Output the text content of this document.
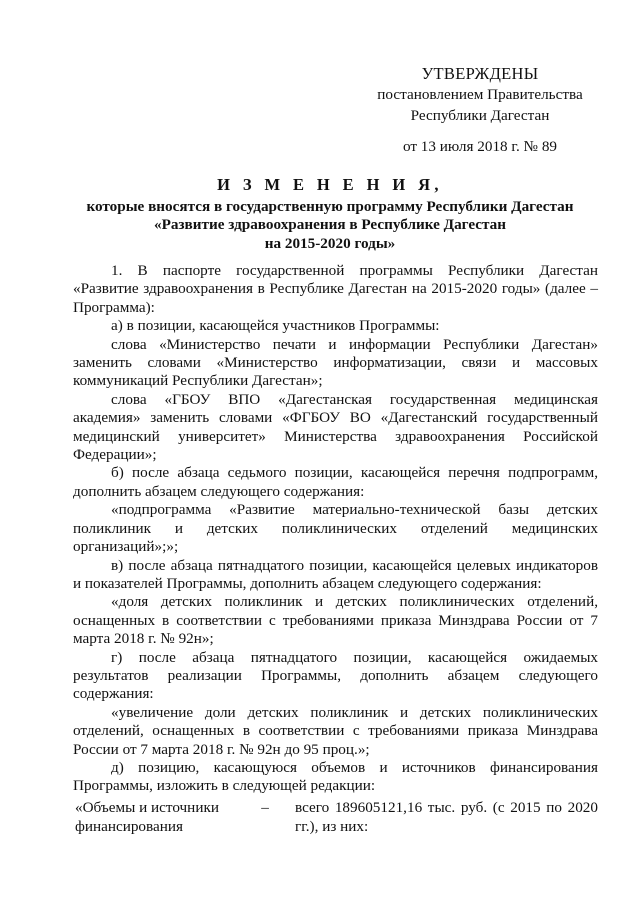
УТВЕРЖДЕНЫ
постановлением Правительства
Республики Дагестан
от 13 июля 2018 г. № 89
И З М Е Н Е Н И Я,
которые вносятся в государственную программу Республики Дагестан
«Развитие здравоохранения в Республике Дагестан
на 2015-2020 годы»

1. В паспорте государственной программы Республики Дагестан «Развитие здравоохранения в Республике Дагестан на 2015-2020 годы» (далее – Программа):

а) в позиции, касающейся участников Программы:

слова «Министерство печати и информации Республики Дагестан» заменить словами «Министерство информатизации, связи и массовых коммуникаций Республики Дагестан»;

слова «ГБОУ ВПО «Дагестанская государственная медицинская академия» заменить словами «ФГБОУ ВО «Дагестанский государственный медицинский университет» Министерства здравоохранения Российской Федерации»;

б) после абзаца седьмого позиции, касающейся перечня подпрограмм, дополнить абзацем следующего содержания:

«подпрограмма «Развитие материально-технической базы детских поликлиник и детских поликлинических отделений медицинских организаций»;»;

в) после абзаца пятнадцатого позиции, касающейся целевых индикаторов и показателей Программы, дополнить абзацем следующего содержания:

«доля детских поликлиник и детских поликлинических отделений, оснащенных в соответствии с требованиями приказа Минздрава России от 7 марта 2018 г. № 92н»;

г) после абзаца пятнадцатого позиции, касающейся ожидаемых результатов реализации Программы, дополнить абзацем следующего содержания:

«увеличение доли детских поликлиник и детских поликлинических отделений, оснащенных в соответствии с требованиями приказа Минздрава России от 7 марта 2018 г. № 92н до 95 проц.»;

д) позицию, касающуюся объемов и источников финансирования Программы, изложить в следующей редакции:

«Объемы и источники финансирования
–	всего 189605121,16 тыс. руб. (с 2015 по 2020 гг.), из них:
